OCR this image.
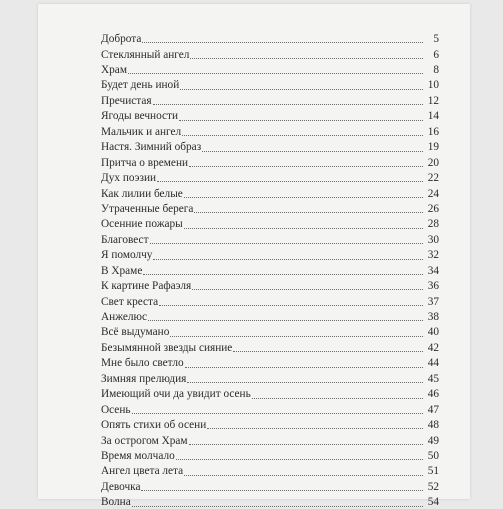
Доброта	5
Стеклянный ангел	6
Храм	8
Будет день иной	10
Пречистая	12
Ягоды вечности	14
Мальчик и ангел	16
Настя. Зимний образ	19
Притча о времени	20
Дух поэзии	22
Как лилии белые	24
Утраченные берега	26
Осенние пожары	28
Благовест	30
Я помолчу	32
В Храме	34
К картине Рафаэля	36
Свет креста	37
Анжелюс	38
Всё выдумано	40
Безымянной звезды сияние	42
Мне было светло	44
Зимняя прелюдия	45
Имеющий очи да увидит осень	46
Осень	47
Опять стихи об осени	48
За острогом Храм	49
Время молчало	50
Ангел цвета лета	51
Девочка	52
Волна	54
